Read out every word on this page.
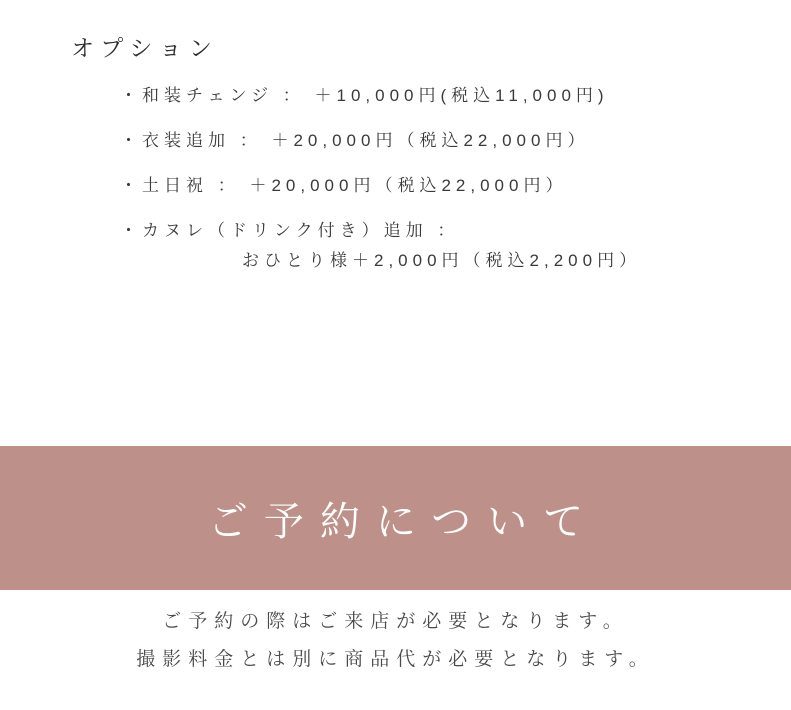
オプション
・ 和装チェンジ ： ＋10,000円(税込11,000円)
・ 衣装追加 ： ＋20,000円（税込22,000円）
・ 土日祝 ： ＋20,000円（税込22,000円）
・ カヌレ（ドリンク付き）追加 ：
おひとり様＋2,000円（税込2,200円）
ご予約について
ご予約の際はご来店が必要となります。
撮影料金とは別に商品代が必要となります。
